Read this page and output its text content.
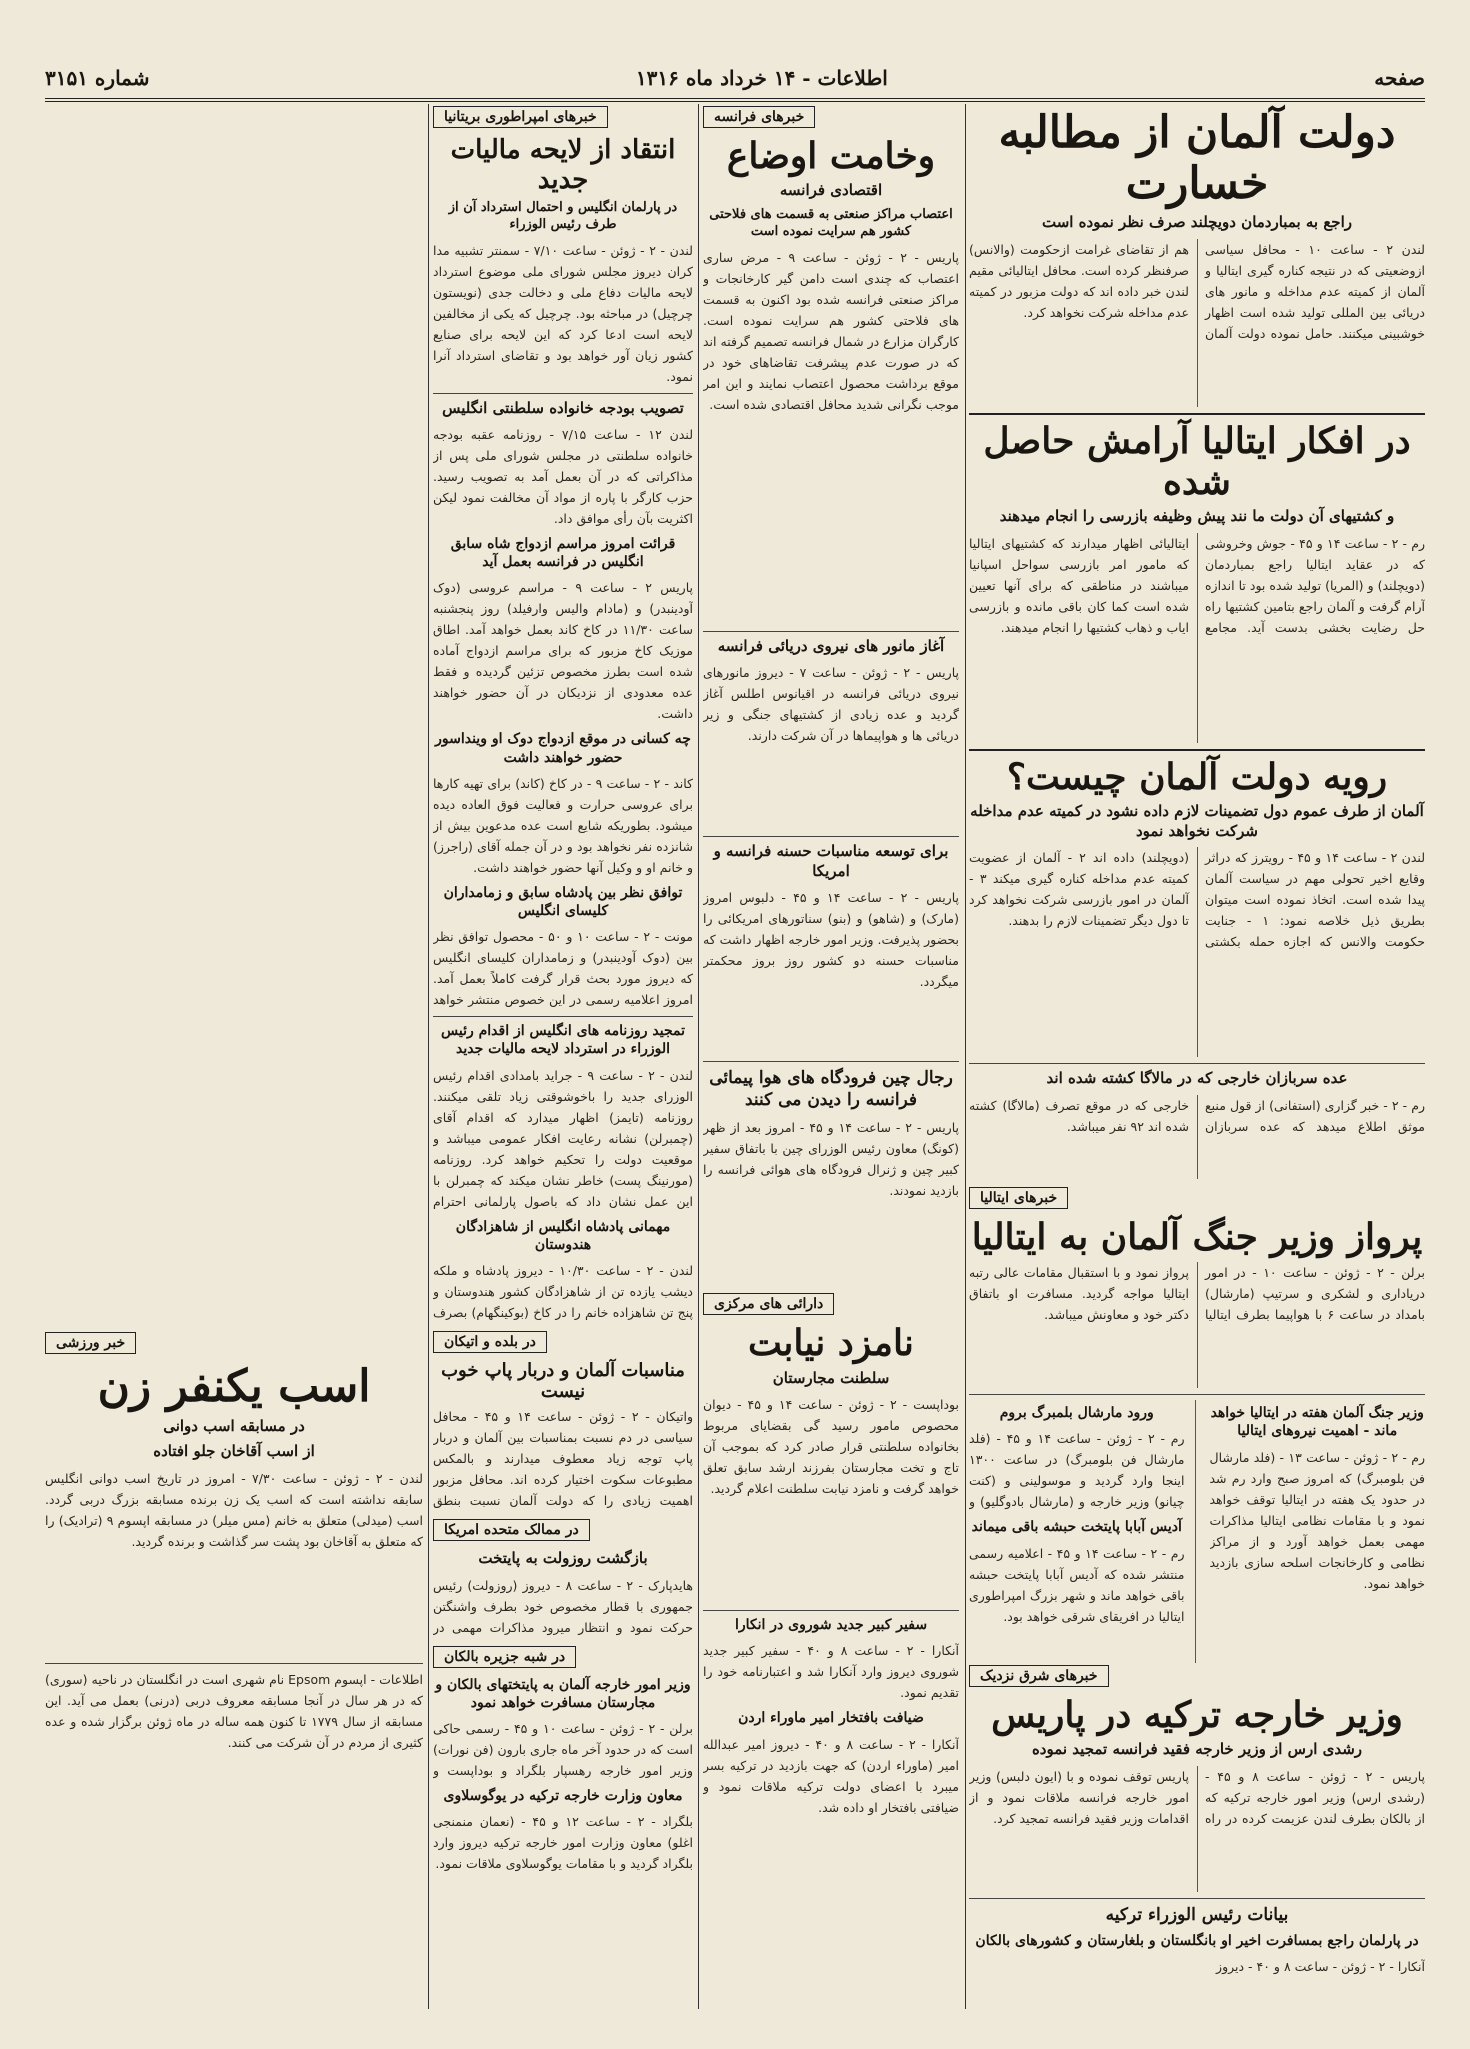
صفحه
اطلاعات - ۱۴ خرداد ماه ۱۳۱۶
شماره ۳۱۵۱
دولت آلمان از مطالبه خسارت
راجع به بمباردمان دویچلند صرف نظر نموده است
لندن ۲ - ساعت ۱۰ - محافل سیاسی ازوضعیتی که در نتیجه کناره گیری ایتالیا و آلمان از کمیته عدم مداخله و مانور های دریائی بین المللی تولید شده است اظهار خوشبینی میکنند. حامل نموده دولت آلمان هم از تقاضای غرامت ازحکومت (والانس) صرفنظر کرده است. محافل ایتالیائی مقیم لندن خبر داده اند که دولت مزبور در کمیته عدم مداخله شرکت نخواهد کرد.
در افکار ایتالیا آرامش حاصل شده
و کشتیهای آن دولت ما نند پیش وظیفه بازرسی را انجام میدهند
رم - ۲ - ساعت ۱۴ و ۴۵ - جوش وخروشی که در عقاید ایتالیا راجع بمباردمان (دویچلند) و (المریا) تولید شده بود تا اندازه آرام گرفت و آلمان راجع بتامین کشتیها راه حل رضایت بخشی بدست آید. مجامع ایتالیائی اظهار میدارند که کشتیهای ایتالیا که مامور امر بازرسی سواحل اسپانیا میباشند در مناطقی که برای آنها تعیین شده است کما کان باقی مانده و بازرسی ایاب و ذهاب کشتیها را انجام میدهند.
رویه دولت آلمان چیست؟
آلمان از طرف عموم دول تضمینات لازم داده نشود در کمیته عدم مداخله شرکت نخواهد نمود
لندن ۲ - ساعت ۱۴ و ۴۵ - رویترز که دراثر وقایع اخیر تحولی مهم در سیاست آلمان پیدا شده است. اتخاذ نموده است میتوان بطریق ذیل خلاصه نمود: ۱ - جنایت حکومت والانس که اجازه حمله بکشتی (دویچلند) داده اند ۲ - آلمان از عضویت کمیته عدم مداخله کناره گیری میکند ۳ - آلمان در امور بازرسی شرکت نخواهد کرد تا دول دیگر تضمینات لازم را بدهند.
عده سربازان خارجی که در مالاگا کشته شده اند
رم - ۲ - خبر گزاری (استفانی) از قول منبع موثق اطلاع میدهد که عده سربازان خارجی که در موقع تصرف (مالاگا) کشته شده اند ۹۲ نفر میباشد.
خبرهای ایتالیا
پرواز وزیر جنگ آلمان به ایتالیا
برلن - ۲ - ژوئن - ساعت ۱۰ - در امور دریاداری و لشکری و سرتیپ (مارشال) بامداد در ساعت ۶ با هواپیما بطرف ایتالیا پرواز نمود و با استقبال مقامات عالی رتبه ایتالیا مواجه گردید. مسافرت او باتفاق دکتر خود و معاونش میباشد.
وزیر جنگ آلمان هفته در ایتالیا خواهد ماند - اهمیت نیروهای ایتالیا
رم - ۲ - ژوئن - ساعت ۱۳ - (فلد مارشال فن بلومبرگ) که امروز صبح وارد رم شد در حدود یک هفته در ایتالیا توقف خواهد نمود و با مقامات نظامی ایتالیا مذاکرات مهمی بعمل خواهد آورد و از مراکز نظامی و کارخانجات اسلحه سازی بازدید خواهد نمود.
ورود مارشال بلمبرگ بروم
رم - ۲ - ژوئن - ساعت ۱۴ و ۴۵ - (فلد مارشال فن بلومبرگ) در ساعت ۱۳۰۰ اینجا وارد گردید و موسولینی و (کنت چیانو) وزیر خارجه و (مارشال بادوگلیو) و
آدیس آبابا پایتخت حبشه باقی میماند
رم - ۲ - ساعت ۱۴ و ۴۵ - اعلامیه رسمی منتشر شده که آدیس آبابا پایتخت حبشه باقی خواهد ماند و شهر بزرگ امپراطوری ایتالیا در افریقای شرقی خواهد بود.
خبرهای شرق نزدیک
وزیر خارجه ترکیه در پاریس
رشدی ارس از وزیر خارجه فقید فرانسه تمجید نموده
پاریس - ۲ - ژوئن - ساعت ۸ و ۴۵ - (رشدی ارس) وزیر امور خارجه ترکیه که از بالکان بطرف لندن عزیمت کرده در راه پاریس توقف نموده و با (ایون دلبس) وزیر امور خارجه فرانسه ملاقات نمود و از اقدامات وزیر فقید فرانسه تمجید کرد.
بیانات رئیس الوزراء ترکیه
در پارلمان راجع بمسافرت اخیر او بانگلستان و بلغارستان و کشورهای بالکان
آنکارا - ۲ - ژوئن - ساعت ۸ و ۴۰ - دیروز
خبرهای فرانسه
وخامت اوضاع
اقتصادی فرانسه
اعتصاب مراکز صنعتی به قسمت های فلاحتی کشور هم سرایت نموده است
پاریس - ۲ - ژوئن - ساعت ۹ - مرض ساری اعتصاب که چندی است دامن گیر کارخانجات و مراکز صنعتی فرانسه شده بود اکنون به قسمت های فلاحتی کشور هم سرایت نموده است. کارگران مزارع در شمال فرانسه تصمیم گرفته اند که در صورت عدم پیشرفت تقاضاهای خود در موقع برداشت محصول اعتصاب نمایند و این امر موجب نگرانی شدید محافل اقتصادی شده است.
آغاز مانور های نیروی دریائی فرانسه
پاریس - ۲ - ژوئن - ساعت ۷ - دیروز مانورهای نیروی دریائی فرانسه در اقیانوس اطلس آغاز گردید و عده زیادی از کشتیهای جنگی و زیر دریائی ها و هواپیماها در آن شرکت دارند.
برای توسعه مناسبات حسنه فرانسه و امریکا
پاریس - ۲ - ساعت ۱۴ و ۴۵ - دلبوس امروز (مارک) و (شاهو) و (بنو) سناتورهای امریکائی را بحضور پذیرفت. وزیر امور خارجه اظهار داشت که مناسبات حسنه دو کشور روز بروز محکمتر میگردد.
رجال چین فرودگاه های هوا پیمائی فرانسه را دیدن می کنند
پاریس - ۲ - ساعت ۱۴ و ۴۵ - امروز بعد از ظهر (کونگ) معاون رئیس الوزرای چین با باتفاق سفیر کبیر چین و ژنرال فرودگاه های هوائی فرانسه را بازدید نمودند.
دارائی های مرکزی
نامزد نیابت
سلطنت مجارستان
بوداپست - ۲ - ژوئن - ساعت ۱۴ و ۴۵ - دیوان محصوص مامور رسید گی بقضایای مربوط بخانواده سلطنتی قرار صادر کرد که بموجب آن تاج و تخت مجارستان بفرزند ارشد سابق تعلق خواهد گرفت و نامزد نیابت سلطنت اعلام گردید.
سفیر کبیر جدید شوروی در انکارا
آنکارا - ۲ - ساعت ۸ و ۴۰ - سفیر کبیر جدید شوروی دیروز وارد آنکارا شد و اعتبارنامه خود را تقدیم نمود.
ضیافت بافتخار امیر ماوراء اردن
آنکارا - ۲ - ساعت ۸ و ۴۰ - دیروز امیر عبدالله امیر (ماوراء اردن) که جهت بازدید در ترکیه بسر میبرد با اعضای دولت ترکیه ملاقات نمود و ضیافتی بافتخار او داده شد.
خبرهای امپراطوری بریتانیا
انتقاد از لایحه مالیات جدید
در پارلمان انگلیس و احتمال استرداد آن از طرف رئیس الوزراء
لندن - ۲ - ژوئن - ساعت ۷/۱۰ - سمنتر تشبیه مدا کران دیروز مجلس شورای ملی موضوع استرداد لایحه مالیات دفاع ملی و دخالت جدی (نویستون چرچیل) در مباحثه بود. چرچیل که یکی از مخالفین لایحه است ادعا کرد که این لایحه برای صنایع کشور زیان آور خواهد بود و تقاضای استرداد آنرا نمود.
تصویب بودجه خانواده سلطنتی انگلیس
لندن ۱۲ - ساعت ۷/۱۵ - روزنامه عقبه بودجه خانواده سلطنتی در مجلس شورای ملی پس از مذاکراتی که در آن بعمل آمد به تصویب رسید. حزب کارگر با پاره از مواد آن مخالفت نمود لیکن اکثریت بآن رأی موافق داد.
قرائت امروز مراسم ازدواج شاه سابق انگلیس در فرانسه بعمل آید
پاریس ۲ - ساعت ۹ - مراسم عروسی (دوک آودینبدر) و (مادام والیس وارفیلد) روز پنجشنبه ساعت ۱۱/۳۰ در کاخ کاند بعمل خواهد آمد. اطاق موزیک کاخ مزبور که برای مراسم ازدواج آماده شده است بطرز مخصوص تزئین گردیده و فقط عده معدودی از نزدیکان در آن حضور خواهند داشت.
چه کسانی در موقع ازدواج دوک او وینداسور حضور خواهند داشت
کاند - ۲ - ساعت ۹ - در کاخ (کاند) برای تهیه کارها برای عروسی حرارت و فعالیت فوق العاده دیده میشود. بطوریکه شایع است عده مدعوین بیش از شانزده نفر نخواهد بود و در آن جمله آقای (راجرز) و خانم او و وکیل آنها حضور خواهند داشت.
توافق نظر بین پادشاه سابق و زمامداران کلیسای انگلیس
مونت - ۲ - ساعت ۱۰ و ۵۰ - محصول توافق نظر بین (دوک آودینبدر) و زمامداران کلیسای انگلیس که دیروز مورد بحث قرار گرفت کاملاً بعمل آمد. امروز اعلامیه رسمی در این خصوص منتشر خواهد
تمجید روزنامه های انگلیس از اقدام رئیس الوزراء در استرداد لایحه مالیات جدید
لندن - ۲ - ساعت ۹ - جراید بامدادی اقدام رئیس الوزرای جدید را باخوشوقتی زیاد تلقی میکنند. روزنامه (تایمز) اظهار میدارد که اقدام آقای (چمبرلن) نشانه رعایت افکار عمومی میباشد و موقعیت دولت را تحکیم خواهد کرد. روزنامه (مورنینگ پست) خاطر نشان میکند که چمبرلن با این عمل نشان داد که باصول پارلمانی احترام
مهمانی پادشاه انگلیس از شاهزادگان هندوستان
لندن - ۲ - ساعت ۱۰/۳۰ - دیروز پادشاه و ملکه دیشب یازده تن از شاهزادگان کشور هندوستان و پنج تن شاهزاده خانم را در کاخ (بوکینگهام) بصرف
در بلده و اتیکان
مناسبات آلمان و دربار پاپ خوب نیست
واتیکان - ۲ - ژوئن - ساعت ۱۴ و ۴۵ - محافل سیاسی در دم نسبت بمناسبات بین آلمان و دربار پاپ توجه زیاد معطوف میدارند و بالمکس مطبوعات سکوت اختیار کرده اند. محافل مزبور اهمیت زیادی را که دولت آلمان نسبت بنطق
در ممالک متحده امریکا
بازگشت روزولت به پایتخت
هایدپارک - ۲ - ساعت ۸ - دیروز (روزولت) رئیس جمهوری با قطار مخصوص خود بطرف واشنگتن حرکت نمود و انتظار میرود مذاکرات مهمی در
در شبه جزیره بالکان
وزیر امور خارجه آلمان به پایتختهای بالکان و مجارستان مسافرت خواهد نمود
برلن - ۲ - ژوئن - ساعت ۱۰ و ۴۵ - رسمی حاکی است که در حدود آخر ماه جاری بارون (فن نورات) وزیر امور خارجه رهسپار بلگراد و بوداپست و
معاون وزارت خارجه ترکیه در یوگوسلاوی
بلگراد - ۲ - ساعت ۱۲ و ۴۵ - (نعمان منمنجی اغلو) معاون وزارت امور خارجه ترکیه دیروز وارد بلگراد گردید و با مقامات یوگوسلاوی ملاقات نمود.
خبر ورزشی
اسب یکنفر زن
در مسابقه اسب دوانی
از اسب آقاخان جلو افتاده
لندن - ۲ - ژوئن - ساعت ۷/۳۰ - امروز در تاریخ اسب دوانی انگلیس سابقه نداشته است که اسب یک زن برنده مسابقه بزرگ دربی گردد. اسب (میدلی) متعلق به خانم (مس میلر) در مسابقه اپسوم ۹ (ترادیک) را که متعلق به آقاخان بود پشت سر گذاشت و برنده گردید.
اطلاعات - اپسوم Epsom نام شهری است در انگلستان در ناحیه (سوری) که در هر سال در آنجا مسابقه معروف دربی (درنی) بعمل می آید. این مسابقه از سال ۱۷۷۹ تا کنون همه ساله در ماه ژوئن برگزار شده و عده کثیری از مردم در آن شرکت می کنند.
